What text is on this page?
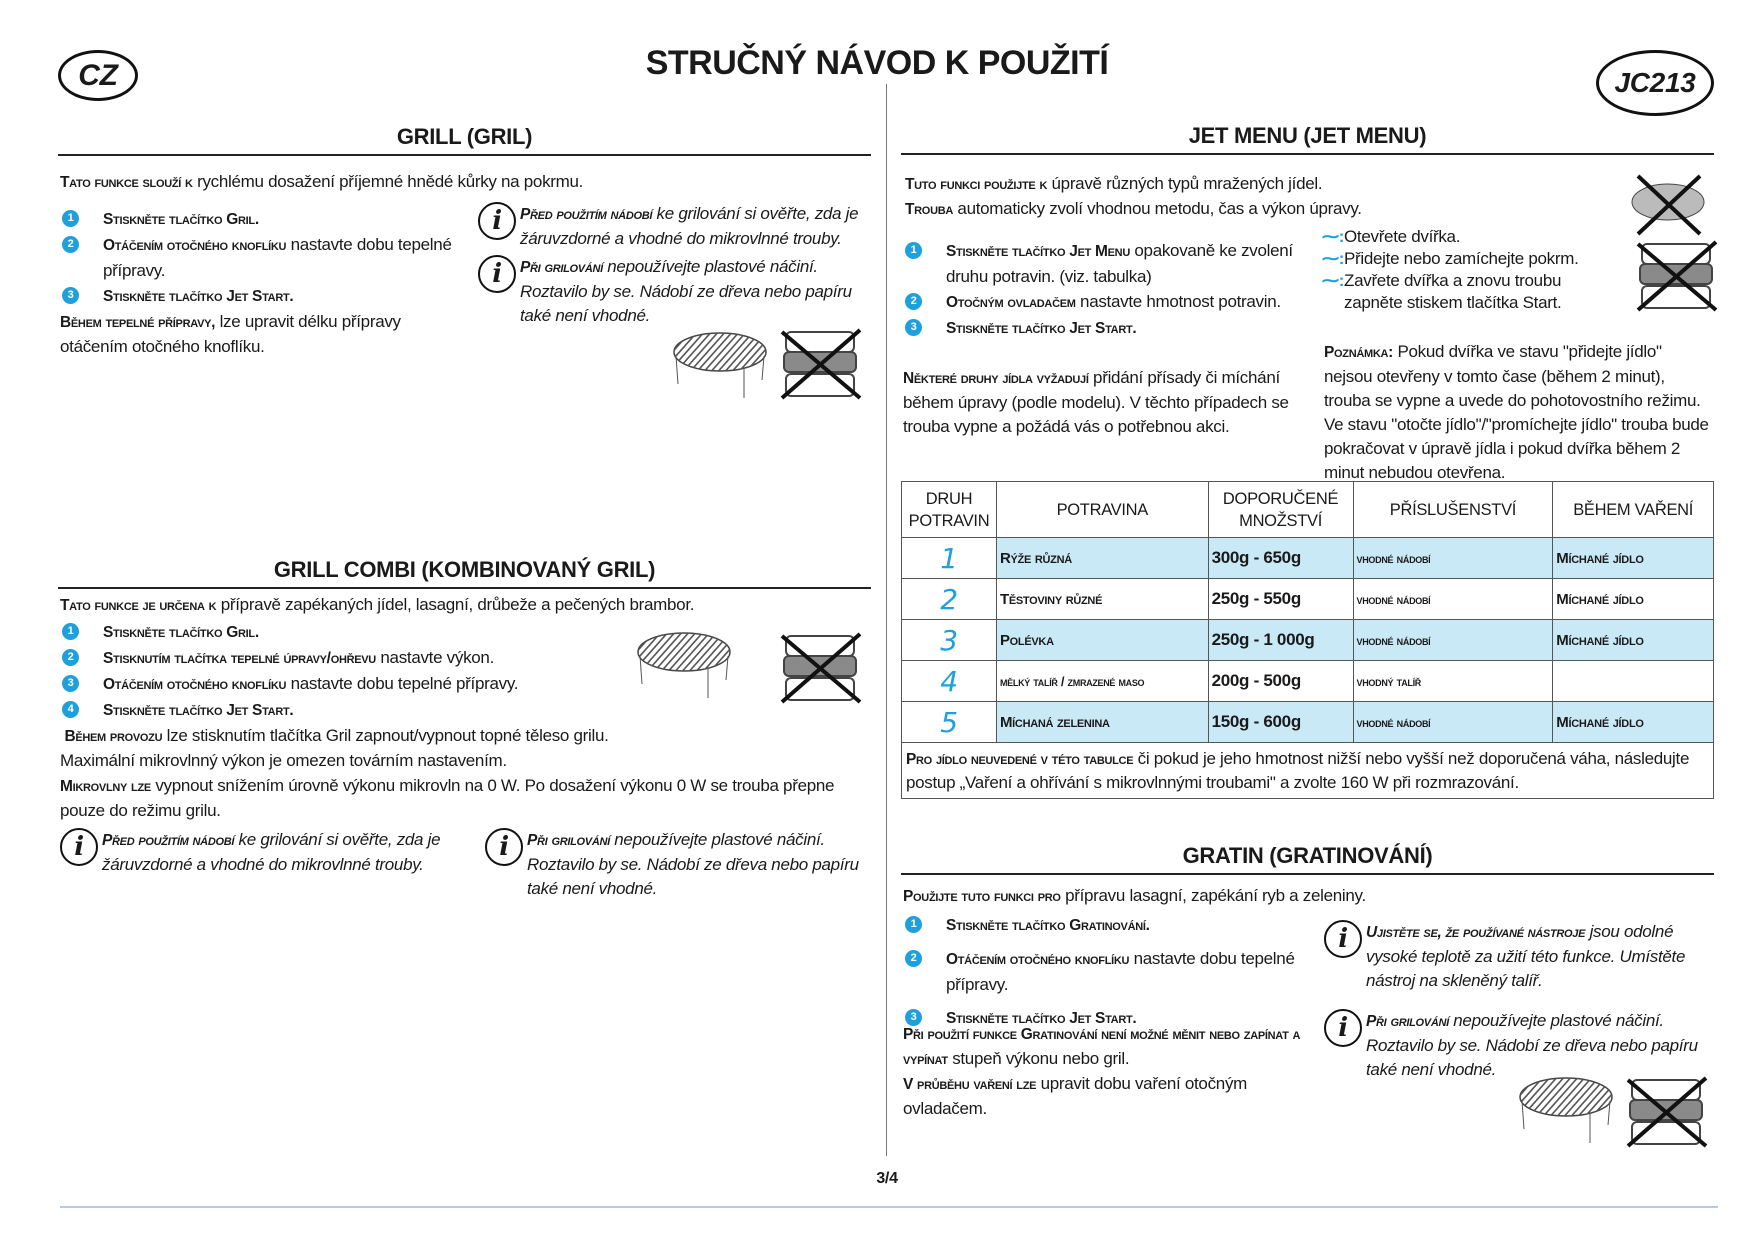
CZ	STRUČNÝ NÁVOD K POUŽITÍ
JC213
GRILL (GRIL)
Tato funkce slouží k rychlému dosažení příjemné hnědé kůrky na pokrmu.
1	Stiskněte tlačítko Gril.
2	Otáčením otočného knoflíku nastavte dobu tepelné přípravy.
3	Stiskněte tlačítko Jet Start.
Během tepelné přípravy, lze upravit délku přípravy otáčením otočného knoflíku.
i	Před použitím nádobí ke grilování si ověřte, zda je žáruvzdorné a vhodné do mikrovlnné trouby.
i	Při grilování nepoužívejte plastové náčiní. Roztavilo by se. Nádobí ze dřeva nebo papíru také není vhodné.
GRILL COMBI (KOMBINOVANÝ GRIL)
Tato funkce je určena k přípravě zapékaných jídel, lasagní, drůbeže a pečených brambor.
1	Stiskněte tlačítko Gril.
2	Stisknutím tlačítka tepelné úpravy/ohřevu nastavte výkon.
3	Otáčením otočného knoflíku nastavte dobu tepelné přípravy.
4	Stiskněte tlačítko Jet Start.
Během provozu lze stisknutím tlačítka Gril zapnout/vypnout topné těleso grilu.
Maximální mikrovlnný výkon je omezen továrním nastavením.
Mikrovlny lze vypnout snížením úrovně výkonu mikrovln na 0 W. Po dosažení výkonu 0 W se trouba přepne pouze do režimu grilu.
i	Před použitím nádobí ke grilování si ověřte, zda je žáruvzdorné a vhodné do mikrovlnné trouby.
i	Při grilování nepoužívejte plastové náčiní. Roztavilo by se. Nádobí ze dřeva nebo papíru také není vhodné.
JET MENU (JET MENU)
Tuto funkci použijte k úpravě různých typů mražených jídel.
Trouba automaticky zvolí vhodnou metodu, čas a výkon úpravy.
1	Stiskněte tlačítko Jet Menu opakovaně ke zvolení druhu potravin. (viz. tabulka)
2	Otočným ovladačem nastavte hmotnost potravin.
3	Stiskněte tlačítko Jet Start.
Některé druhy jídla vyžadují přidání přísady či míchání během úpravy (podle modelu). V těchto případech se trouba vypne a požádá vás o potřebnou akci.
⁓: Otevřete dvířka.
⁓: Přidejte nebo zamíchejte pokrm.
⁓: Zavřete dvířka a znovu troubu zapněte stiskem tlačítka Start.
Poznámka: Pokud dvířka ve stavu "přidejte jídlo" nejsou otevřeny v tomto čase (během 2 minut), trouba se vypne a uvede do pohotovostního režimu. Ve stavu "otočte jídlo"/"promíchejte jídlo" trouba bude pokračovat v úpravě jídla i pokud dvířka během 2 minut nebudou otevřena.
DRUH POTRAVIN	POTRAVINA	DOPORUČENÉ MNOŽSTVÍ	PŘÍSLUŠENSTVÍ	BĚHEM VAŘENÍ
1	Rýže různá	300g - 650g	vhodné nádobí	Míchané jídlo
2	Těstoviny různé	250g - 550g	vhodné nádobí	Míchané jídlo
3	Polévka	250g - 1 000g	vhodné nádobí	Míchané jídlo
4	mělký talíř / zmrazené maso	200g - 500g	vhodný talíř	
5	Míchaná zelenina	150g - 600g	vhodné nádobí	Míchané jídlo
Pro jídlo neuvedené v této tabulce či pokud je jeho hmotnost nižší nebo vyšší než doporučená váha, následujte postup „Vaření a ohřívání s mikrovlnnými troubami" a zvolte 160 W při rozmrazování.
GRATIN (GRATINOVÁNÍ)
Použijte tuto funkci pro přípravu lasagní, zapékání ryb a zeleniny.
1	Stiskněte tlačítko Gratinování.
2	Otáčením otočného knoflíku nastavte dobu tepelné přípravy.
3	Stiskněte tlačítko Jet Start.
Při použití funkce Gratinování není možné měnit nebo zapínat a vypínat stupeň výkonu nebo gril.
V průběhu vaření lze upravit dobu vaření otočným ovladačem.
i	Ujistěte se, že používané nástroje jsou odolné vysoké teplotě za užití této funkce. Umístěte nástroj na skleněný talíř.
i	Při grilování nepoužívejte plastové náčiní. Roztavilo by se. Nádobí ze dřeva nebo papíru také není vhodné.
3/4
